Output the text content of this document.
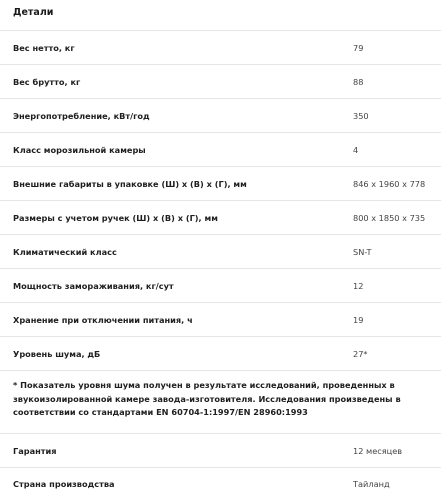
Детали
Вес нетто, кг	79
Вес брутто, кг	88
Энергопотребление, кВт/год	350
Класс морозильной камеры	4
Внешние габариты в упаковке (Ш) х (В) х (Г), мм	846 x 1960 x 778
Размеры с учетом ручек (Ш) х (В) х (Г), мм	800 x 1850 x 735
Климатический класс	SN-T
Мощность замораживания, кг/сут	12
Хранение при отключении питания, ч	19
Уровень шума, дБ	27*
* Показатель уровня шума получен в результате исследований, проведенных в звукоизолированной камере завода-изготовителя. Исследования произведены в соответствии со стандартами EN 60704-1:1997/EN 28960:1993
Гарантия	12 месяцев
Страна производства	Тайланд
